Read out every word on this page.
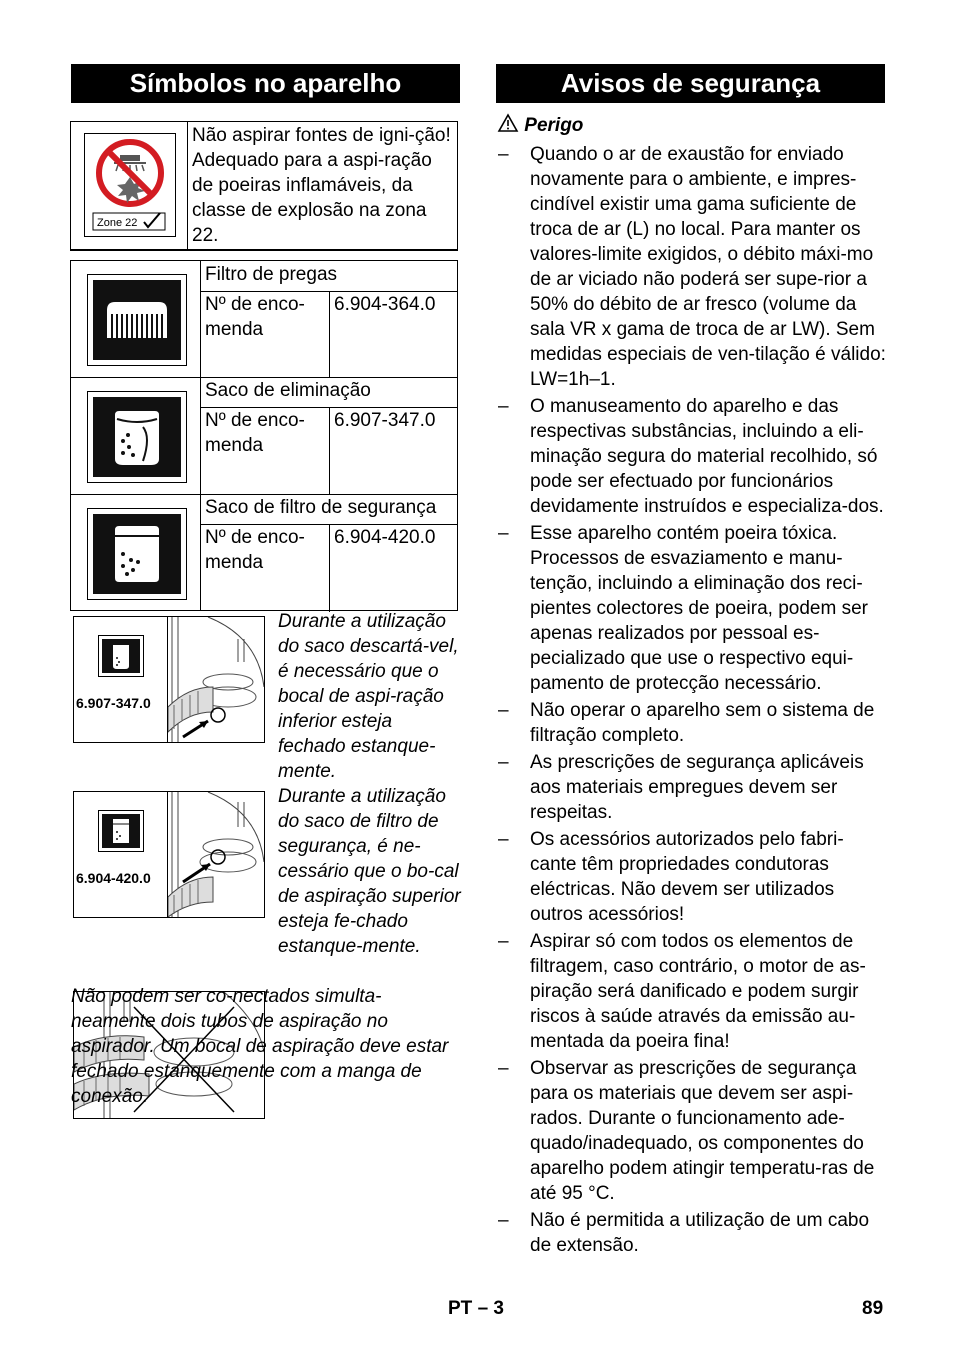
Símbolos no aparelho
Zone 22
Não aspirar fontes de igni-ção! Adequado para a aspi-ração de poeiras inflamáveis, da classe de explosão na zona 22.
Filtro de pregas
Nº de enco-menda
6.904-364.0
Saco de eliminação
Nº de enco-menda
6.907-347.0
Saco de filtro de segurança
Nº de enco-menda
6.904-420.0
6.907-347.0
Durante a utilização do saco descartá-vel, é necessário que o bocal de aspi-ração inferior esteja fechado estanque-mente.
6.904-420.0
Durante a utilização do saco de filtro de segurança, é ne-cessário que o bo-cal de aspiração superior esteja fe-chado estanque-mente.
Não podem ser co-nectados simulta-neamente dois tubos de aspiração no aspirador. Um bocal de aspiração deve estar fechado estanquemente com a manga de conexão.
Avisos de segurança
Perigo
– Quando o ar de exaustão for enviado novamente para o ambiente, e impres-cindível existir uma gama suficiente de troca de ar (L) no local. Para manter os valores-limite exigidos, o débito máxi-mo de ar viciado não poderá ser supe-rior a 50% do débito de ar fresco (volume da sala VR x gama de troca de ar LW). Sem medidas especiais de ven-tilação é válido: LW=1h–1.
– O manuseamento do aparelho e das respectivas substâncias, incluindo a eli-minação segura do material recolhido, só pode ser efectuado por funcionários devidamente instruídos e especializa-dos.
– Esse aparelho contém poeira tóxica. Processos de esvaziamento e manu-tenção, incluindo a eliminação dos reci-pientes colectores de poeira, podem ser apenas realizados por pessoal es-pecializado que use o respectivo equi-pamento de protecção necessário.
– Não operar o aparelho sem o sistema de filtração completo.
– As prescrições de segurança aplicáveis aos materiais empregues devem ser respeitas.
– Os acessórios autorizados pelo fabri-cante têm propriedades condutoras eléctricas. Não devem ser utilizados outros acessórios!
– Aspirar só com todos os elementos de filtragem, caso contrário, o motor de as-piração será danificado e podem surgir riscos à saúde através da emissão au-mentada da poeira fina!
– Observar as prescrições de segurança para os materiais que devem ser aspi-rados. Durante o funcionamento ade-quado/inadequado, os componentes do aparelho podem atingir temperatu-ras de até 95 °C.
– Não é permitida a utilização de um cabo de extensão.
PT – 3	89
